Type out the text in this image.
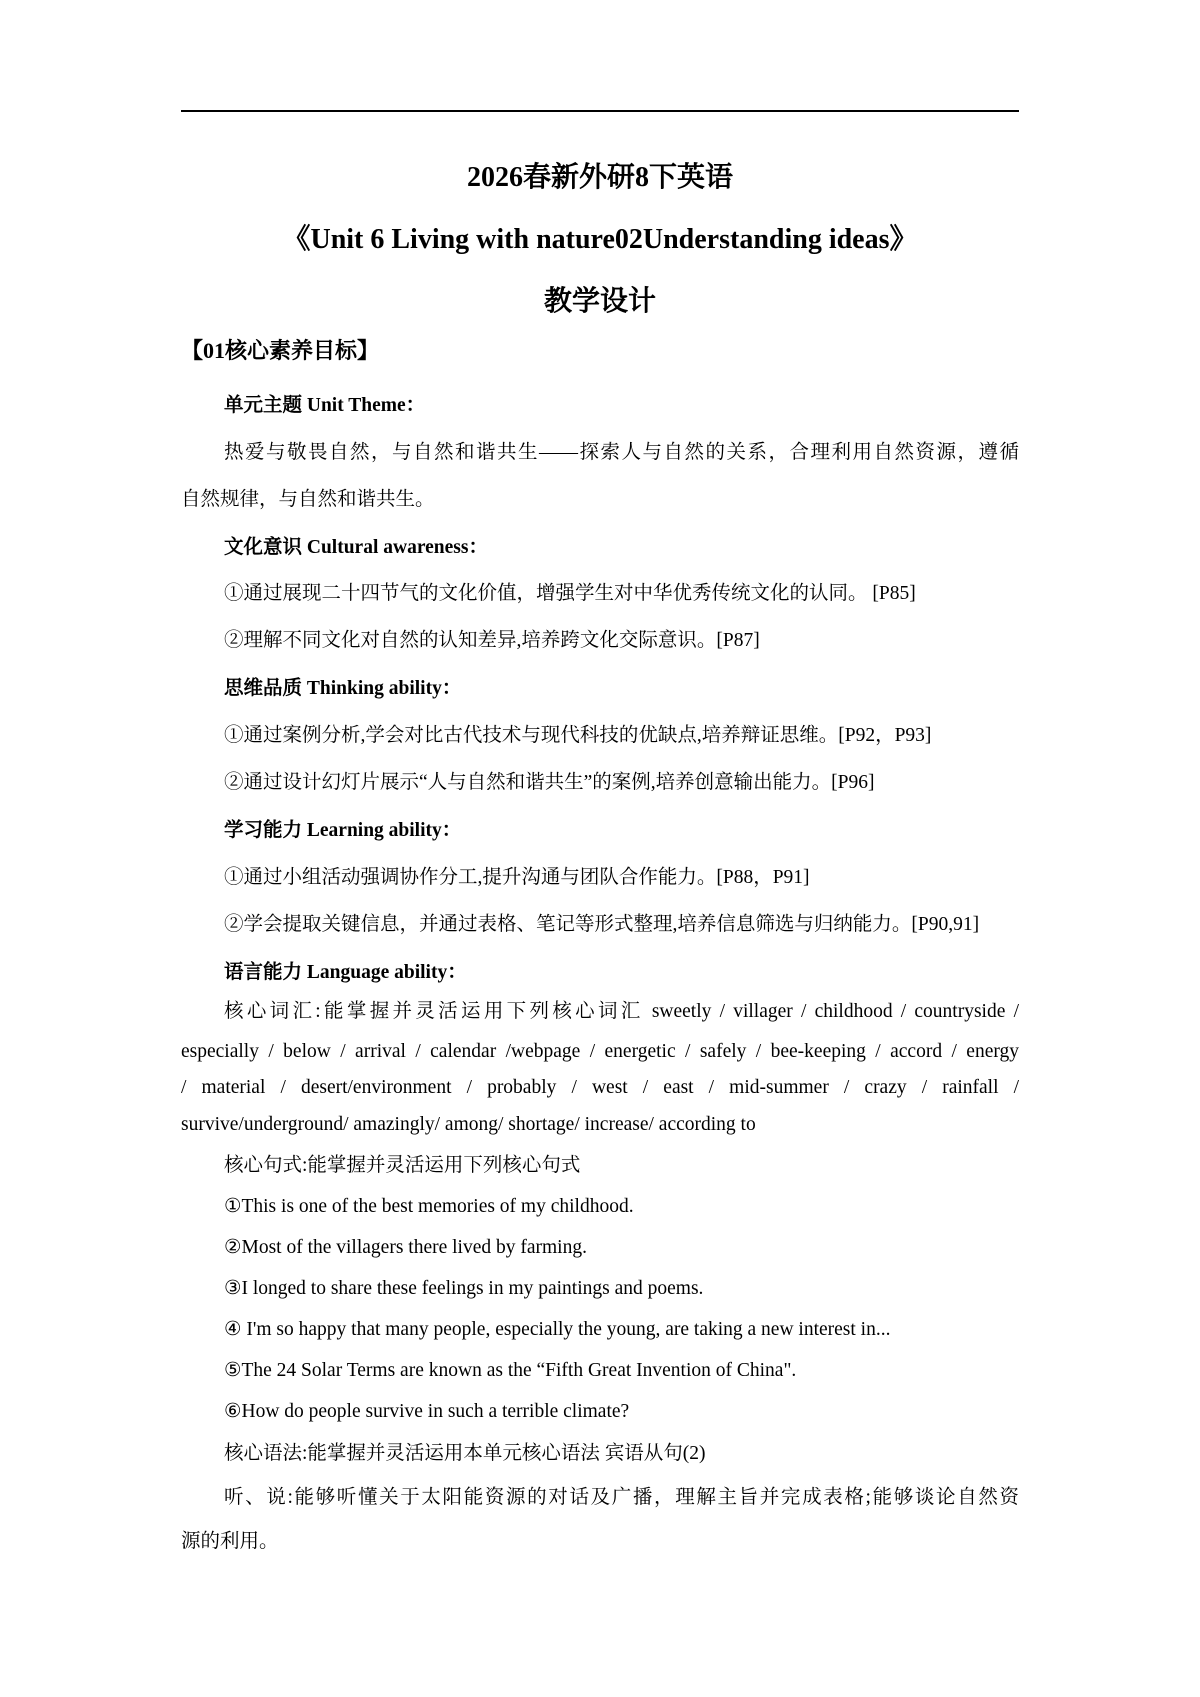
2026春新外研8下英语
《Unit 6 Living with nature02Understanding ideas》
教学设计
【01核心素养目标】
单元主题 Unit Theme：
热爱与敬畏自然，与自然和谐共生——探索人与自然的关系，合理利用自然资源，遵循
自然规律，与自然和谐共生。
文化意识 Cultural awareness：
①通过展现二十四节气的文化价值，增强学生对中华优秀传统文化的认同。 [P85]
②理解不同文化对自然的认知差异,培养跨文化交际意识。[P87]
思维品质 Thinking ability：
①通过案例分析,学会对比古代技术与现代科技的优缺点,培养辩证思维。[P92，P93]
②通过设计幻灯片展示“人与自然和谐共生”的案例,培养创意输出能力。[P96]
学习能力 Learning ability：
①通过小组活动强调协作分工,提升沟通与团队合作能力。[P88，P91]
②学会提取关键信息，并通过表格、笔记等形式整理,培养信息筛选与归纳能力。[P90,91]
语言能力 Language ability：
核心词汇:能掌握并灵活运用下列核心词汇 sweetly / villager / childhood / countryside /
especially / below / arrival / calendar /webpage / energetic / safely / bee-keeping / accord / energy
/ material / desert/environment / probably / west / east / mid-summer / crazy / rainfall /
survive/underground/ amazingly/ among/ shortage/ increase/ according to
核心句式:能掌握并灵活运用下列核心句式
①This is one of the best memories of my childhood.
②Most of the villagers there lived by farming.
③I longed to share these feelings in my paintings and poems.
④ I'm so happy that many people, especially the young, are taking a new interest in...
⑤The 24 Solar Terms are known as the “Fifth Great Invention of China".
⑥How do people survive in such a terrible climate?
核心语法:能掌握并灵活运用本单元核心语法 宾语从句(2)
听、说:能够听懂关于太阳能资源的对话及广播，理解主旨并完成表格;能够谈论自然资
源的利用。
